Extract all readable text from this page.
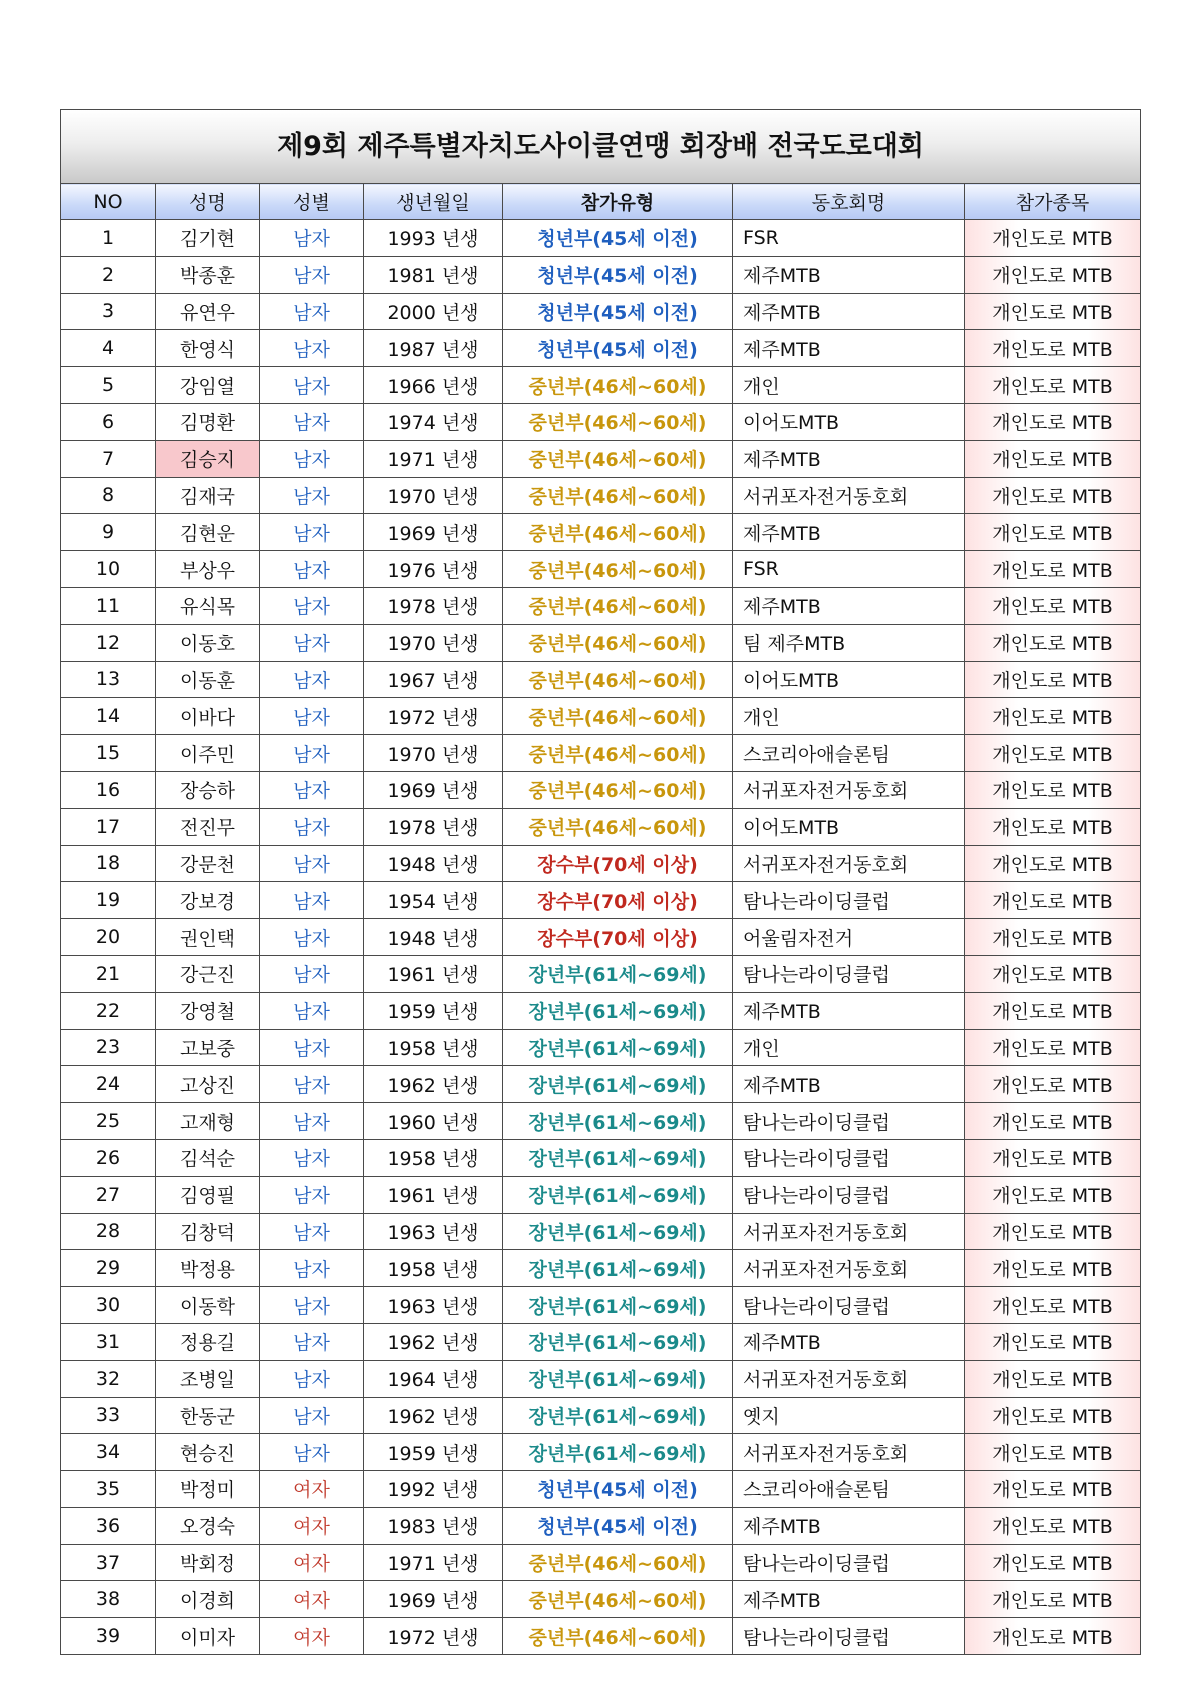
제9회 제주특별자치도사이클연맹 회장배 전국도로대회
NO	성명	성별	생년월일	참가유형	동호회명	참가종목
1	김기현	남자	1993 년생	청년부(45세 이전)	FSR	개인도로 MTB
2	박종훈	남자	1981 년생	청년부(45세 이전)	제주MTB	개인도로 MTB
3	유연우	남자	2000 년생	청년부(45세 이전)	제주MTB	개인도로 MTB
4	한영식	남자	1987 년생	청년부(45세 이전)	제주MTB	개인도로 MTB
5	강임열	남자	1966 년생	중년부(46세~60세)	개인	개인도로 MTB
6	김명환	남자	1974 년생	중년부(46세~60세)	이어도MTB	개인도로 MTB
7	김승지	남자	1971 년생	중년부(46세~60세)	제주MTB	개인도로 MTB
8	김재국	남자	1970 년생	중년부(46세~60세)	서귀포자전거동호회	개인도로 MTB
9	김현운	남자	1969 년생	중년부(46세~60세)	제주MTB	개인도로 MTB
10	부상우	남자	1976 년생	중년부(46세~60세)	FSR	개인도로 MTB
11	유식목	남자	1978 년생	중년부(46세~60세)	제주MTB	개인도로 MTB
12	이동호	남자	1970 년생	중년부(46세~60세)	팀 제주MTB	개인도로 MTB
13	이동훈	남자	1967 년생	중년부(46세~60세)	이어도MTB	개인도로 MTB
14	이바다	남자	1972 년생	중년부(46세~60세)	개인	개인도로 MTB
15	이주민	남자	1970 년생	중년부(46세~60세)	스코리아애슬론팀	개인도로 MTB
16	장승하	남자	1969 년생	중년부(46세~60세)	서귀포자전거동호회	개인도로 MTB
17	전진무	남자	1978 년생	중년부(46세~60세)	이어도MTB	개인도로 MTB
18	강문천	남자	1948 년생	장수부(70세 이상)	서귀포자전거동호회	개인도로 MTB
19	강보경	남자	1954 년생	장수부(70세 이상)	탐나는라이딩클럽	개인도로 MTB
20	권인택	남자	1948 년생	장수부(70세 이상)	어울림자전거	개인도로 MTB
21	강근진	남자	1961 년생	장년부(61세~69세)	탐나는라이딩클럽	개인도로 MTB
22	강영철	남자	1959 년생	장년부(61세~69세)	제주MTB	개인도로 MTB
23	고보중	남자	1958 년생	장년부(61세~69세)	개인	개인도로 MTB
24	고상진	남자	1962 년생	장년부(61세~69세)	제주MTB	개인도로 MTB
25	고재형	남자	1960 년생	장년부(61세~69세)	탐나는라이딩클럽	개인도로 MTB
26	김석순	남자	1958 년생	장년부(61세~69세)	탐나는라이딩클럽	개인도로 MTB
27	김영필	남자	1961 년생	장년부(61세~69세)	탐나는라이딩클럽	개인도로 MTB
28	김창덕	남자	1963 년생	장년부(61세~69세)	서귀포자전거동호회	개인도로 MTB
29	박정용	남자	1958 년생	장년부(61세~69세)	서귀포자전거동호회	개인도로 MTB
30	이동학	남자	1963 년생	장년부(61세~69세)	탐나는라이딩클럽	개인도로 MTB
31	정용길	남자	1962 년생	장년부(61세~69세)	제주MTB	개인도로 MTB
32	조병일	남자	1964 년생	장년부(61세~69세)	서귀포자전거동호회	개인도로 MTB
33	한동군	남자	1962 년생	장년부(61세~69세)	옛지	개인도로 MTB
34	현승진	남자	1959 년생	장년부(61세~69세)	서귀포자전거동호회	개인도로 MTB
35	박정미	여자	1992 년생	청년부(45세 이전)	스코리아애슬론팀	개인도로 MTB
36	오경숙	여자	1983 년생	청년부(45세 이전)	제주MTB	개인도로 MTB
37	박회정	여자	1971 년생	중년부(46세~60세)	탐나는라이딩클럽	개인도로 MTB
38	이경희	여자	1969 년생	중년부(46세~60세)	제주MTB	개인도로 MTB
39	이미자	여자	1972 년생	중년부(46세~60세)	탐나는라이딩클럽	개인도로 MTB
